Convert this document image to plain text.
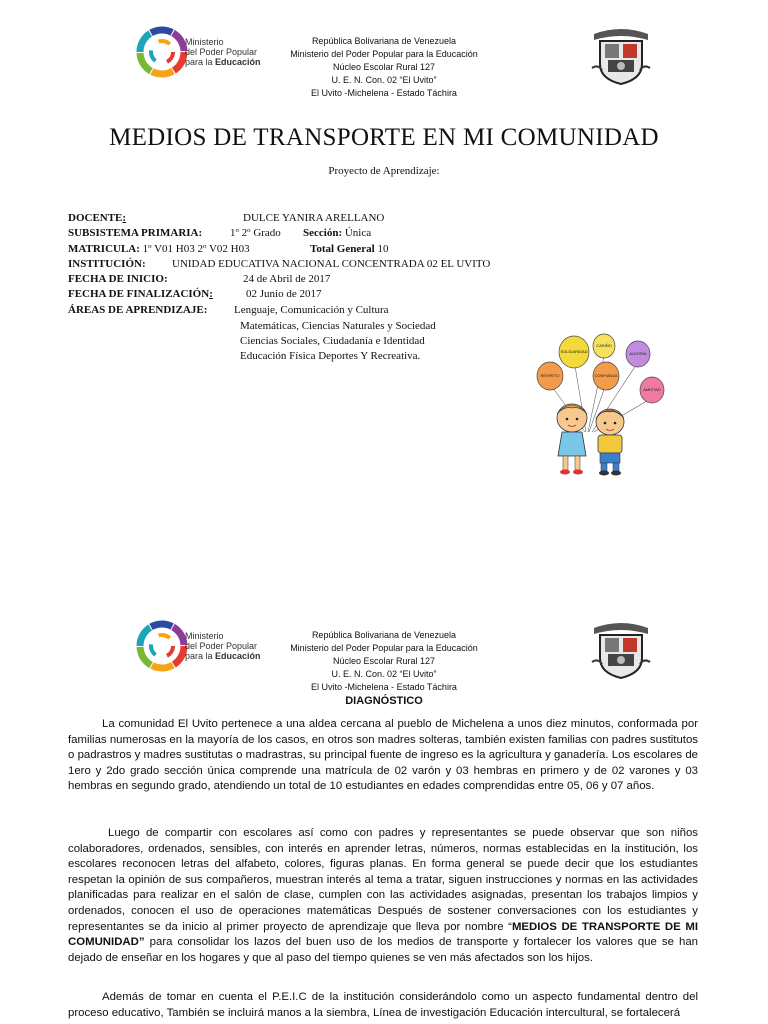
Ministerio
del Poder Popular
para la Educación
República Bolivariana de Venezuela
Ministerio del Poder Popular para la Educación
Núcleo Escolar Rural 127
U. E. N. Con. 02 “El Uvito”
El Uvito -Michelena - Estado Táchira
MEDIOS DE TRANSPORTE EN MI COMUNIDAD
Proyecto de Aprendizaje:
DOCENTE:	DULCE YANIRA ARELLANO
SUBSISTEMA PRIMARIA:	1º 2º Grado Sección: Única
MATRICULA: 1º V01 H03 2º V02 H03	Total General 10
INSTITUCIÓN: UNIDAD EDUCATIVA NACIONAL CONCENTRADA 02 EL UVITO
FECHA DE INICIO:	24 de Abril de 2017
FECHA DE FINALIZACIÓN:	02 Junio de 2017
ÁREAS DE APRENDIZAJE: Lenguaje, Comunicación y Cultura
Matemáticas, Ciencias Naturales y Sociedad
Ciencias Sociales, Ciudadanía e Identidad
Educación Física Deportes Y Recreativa.
CARIÑO
SOLIDARIDAD	ALEGRÍA
RESPETO	CONFIANZA
AMISTAD
Ministerio
del Poder Popular
para la Educación
República Bolivariana de Venezuela
Ministerio del Poder Popular para la Educación
Núcleo Escolar Rural 127
U. E. N. Con. 02 “El Uvito”
El Uvito -Michelena - Estado Táchira
DIAGNÓSTICO
La comunidad El Uvito pertenece a una aldea cercana al pueblo de Michelena a unos diez minutos, conformada por familias numerosas en la mayoría de los casos, en otros son madres solteras, también existen familias con padres sustitutos o padrastros y madres sustitutas o madrastras, su principal fuente de ingreso es la agricultura y ganadería. Los escolares de 1ero y 2do grado sección única comprende una matrícula de 02 varón y 03 hembras en primero y de 02 varones y 03 hembras en segundo grado, atendiendo un total de 10 estudiantes en edades comprendidas entre 05, 06 y 07 años.
Luego de compartir con escolares así como con padres y representantes se puede observar que son niños colaboradores, ordenados, sensibles, con interés en aprender letras, números, normas establecidas en la institución, los escolares reconocen letras del alfabeto, colores, figuras planas. En forma general se puede decir que los estudiantes respetan la opinión de sus compañeros, muestran interés al tema a tratar, siguen instrucciones y normas en las actividades planificadas para realizar en el salón de clase, cumplen con las actividades asignadas, presentan los trabajos limpios y ordenados, conocen el uso de operaciones matemáticas Después de sostener conversaciones con los estudiantes y representantes se da inicio al primer proyecto de aprendizaje que lleva por nombre “MEDIOS DE TRANSPORTE DE MI COMUNIDAD” para consolidar los lazos del buen uso de los medios de transporte y fortalecer los valores que se han dejado de enseñar en los hogares y que al paso del tiempo quienes se ven más afectados son los hijos.
Además de tomar en cuenta el P.E.I.C de la institución considerándolo como un aspecto fundamental dentro del proceso educativo, También se incluirá manos a la siembra, Línea de investigación Educación intercultural, se fortalecerá
